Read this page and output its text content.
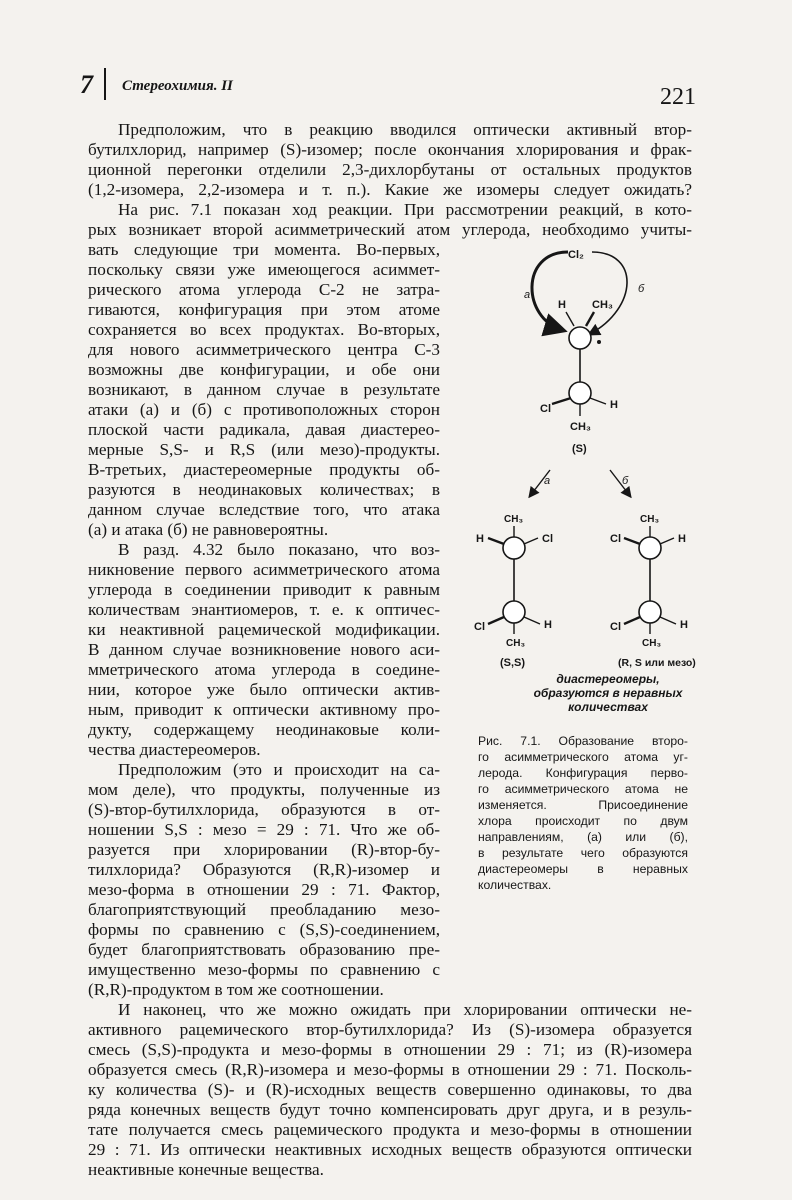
7 Стереохимия. II	221
Предположим, что в реакцию вводился оптически активный втор-
бутилхлорид, например (S)-изомер; после окончания хлорирования и фрак-
ционной перегонки отделили 2,3-дихлорбутаны от остальных продуктов
(1,2-изомера, 2,2-изомера и т. п.). Какие же изомеры следует ожидать?
На рис. 7.1 показан ход реакции. При рассмотрении реакций, в кото-
рых возникает второй асимметрический атом углерода, необходимо учиты-
вать следующие три момента. Во-первых,
поскольку связи уже имеющегося асиммет-
рического атома углерода С-2 не затра-
гиваются, конфигурация при этом атоме
сохраняется во всех продуктах. Во-вторых,
для нового асимметрического центра С-3
возможны две конфигурации, и обе они
возникают, в данном случае в результате
атаки (а) и (б) с противоположных сторон
плоской части радикала, давая диастерео-
мерные S,S- и R,S (или мезо)-продукты.
В-третьих, диастереомерные продукты об-
разуются в неодинаковых количествах; в
данном случае вследствие того, что атака
(а) и атака (б) не равновероятны.
В разд. 4.32 было показано, что воз-
никновение первого асимметрического атома
углерода в соединении приводит к равным
количествам энантиомеров, т. е. к оптичес-
ки неактивной рацемической модификации.
В данном случае возникновение нового аси-
мметрического атома углерода в соедине-
нии, которое уже было оптически актив-
ным, приводит к оптически активному про-
дукту, содержащему неодинаковые коли-
чества диастереомеров.
Предположим (это и происходит на са-
мом деле), что продукты, полученные из
(S)-втор-бутилхлорида, образуются в от-
ношении S,S : мезо = 29 : 71. Что же об-
разуется при хлорировании (R)-втор-бу-
тилхлорида? Образуются (R,R)-изомер и
мезо-форма в отношении 29 : 71. Фактор,
благоприятствующий преобладанию мезо-
формы по сравнению с (S,S)-соединением,
будет благоприятствовать образованию пре-
имущественно мезо-формы по сравнению с
(R,R)-продуктом в том же соотношении.
И наконец, что же можно ожидать при хлорировании оптически не-
активного рацемического втор-бутилхлорида? Из (S)-изомера образуется
смесь (S,S)-продукта и мезо-формы в отношении 29 : 71; из (R)-изомера
образуется смесь (R,R)-изомера и мезо-формы в отношении 29 : 71. Посколь-
ку количества (S)- и (R)-исходных веществ совершенно одинаковы, то два
ряда конечных веществ будут точно компенсировать друг друга, и в резуль-
тате получается смесь рацемического продукта и мезо-формы в отношении
29 : 71. Из оптически неактивных исходных веществ образуются оптически
неактивные конечные вещества.
Cl₂
а	б
H CH₃
Cl	H
CH₃
(S)
а	б
CH₃
H	Cl
Cl	H
CH₃
(S,S)
CH₃
Cl	H
Cl	H
CH₃
(R, S или мезо)
диастереомеры,
образуются в неравных
количествах
Рис. 7.1. Образование второ-
го асимметрического атома уг-
лерода. Конфигурация перво-
го асимметрического атома не
изменяется. Присоединение
хлора происходит по двум
направлениям, (а) или (б),
в результате чего образуются
диастереомеры в неравных
количествах.
